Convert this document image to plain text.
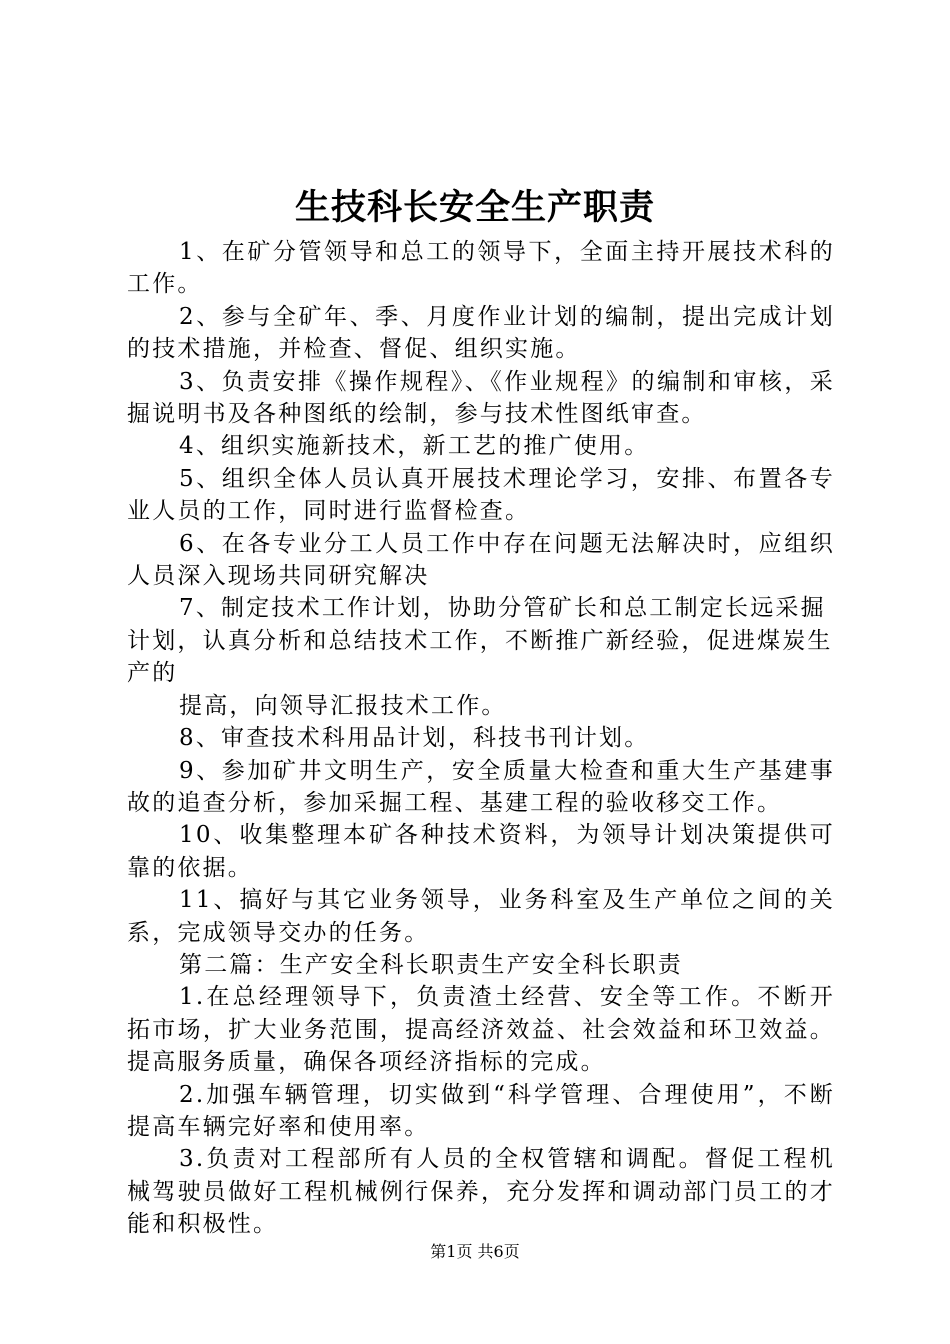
生技科长安全生产职责

1、在矿分管领导和总工的领导下，全面主持开展技术科的工作。

2、参与全矿年、季、月度作业计划的编制，提出完成计划的技术措施，并检查、督促、组织实施。

3、负责安排《操作规程》、《作业规程》的编制和审核，采掘说明书及各种图纸的绘制，参与技术性图纸审查。

4、组织实施新技术，新工艺的推广使用。

5、组织全体人员认真开展技术理论学习，安排、布置各专业人员的工作，同时进行监督检查。

6、在各专业分工人员工作中存在问题无法解决时，应组织人员深入现场共同研究解决

7、制定技术工作计划，协助分管矿长和总工制定长远采掘计划，认真分析和总结技术工作，不断推广新经验，促进煤炭生产的

提高，向领导汇报技术工作。

8、审查技术科用品计划，科技书刊计划。

9、参加矿井文明生产，安全质量大检查和重大生产基建事故的追查分析，参加采掘工程、基建工程的验收移交工作。

10、收集整理本矿各种技术资料，为领导计划决策提供可靠的依据。

11、搞好与其它业务领导，业务科室及生产单位之间的关系，完成领导交办的任务。

第二篇：生产安全科长职责生产安全科长职责

1.在总经理领导下，负责渣土经营、安全等工作。不断开拓市场，扩大业务范围，提高经济效益、社会效益和环卫效益。提高服务质量，确保各项经济指标的完成。

2.加强车辆管理，切实做到“科学管理、合理使用”，不断提高车辆完好率和使用率。

3.负责对工程部所有人员的全权管辖和调配。督促工程机械驾驶员做好工程机械例行保养，充分发挥和调动部门员工的才能和积极性。

第1页 共6页
